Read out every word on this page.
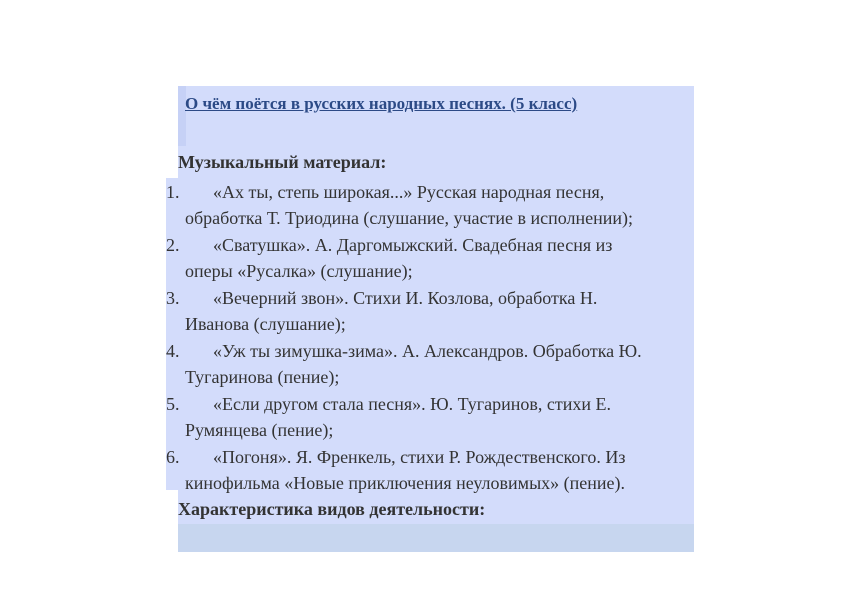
О чём поётся в русских народных песнях. (5 класс)
Музыкальный материал:
1. «Ах ты, степь широкая...» Русская народная песня,
обработка Т. Триодина (слушание, участие в исполнении);
2. «Сватушка». А. Даргомыжский. Свадебная песня из
оперы «Русалка» (слушание);
3. «Вечерний звон». Стихи И. Козлова, обработка Н.
Иванова (слушание);
4. «Уж ты зимушка-зима». А. Александров. Обработка Ю.
Тугаринова (пение);
5. «Если другом стала песня». Ю. Тугаринов, стихи Е.
Румянцева (пение);
6. «Погоня». Я. Френкель, стихи Р. Рождественского. Из
кинофильма «Новые приключения неуловимых» (пение).
Характеристика видов деятельности:
